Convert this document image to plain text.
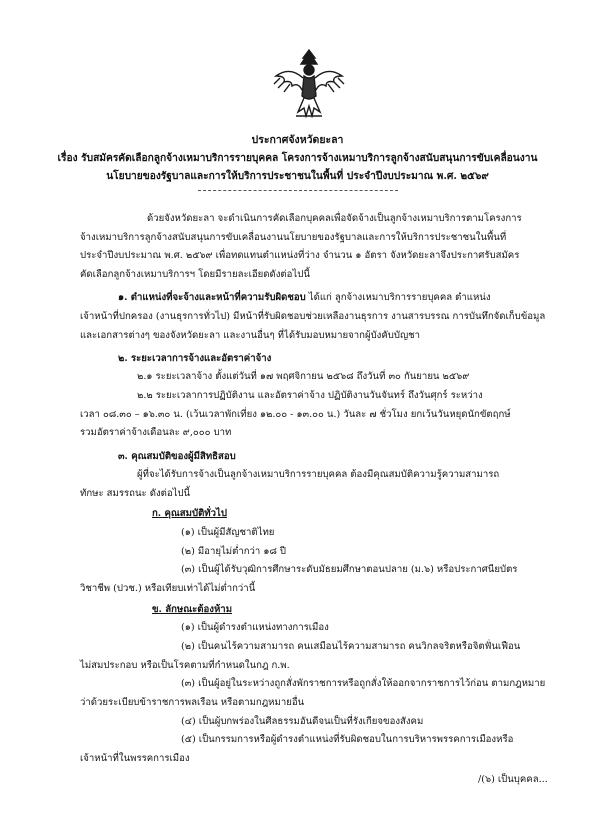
ประกาศจังหวัดยะลา
เรื่อง รับสมัครคัดเลือกลูกจ้างเหมาบริการรายบุคคล โครงการจ้างเหมาบริการลูกจ้างสนับสนุนการขับเคลื่อนงาน
นโยบายของรัฐบาลและการให้บริการประชาชนในพื้นที่ ประจำปีงบประมาณ พ.ศ. ๒๕๖๙
ด้วยจังหวัดยะลา จะดำเนินการคัดเลือกบุคคลเพื่อจัดจ้างเป็นลูกจ้างเหมาบริการตามโครงการ
จ้างเหมาบริการลูกจ้างสนับสนุนการขับเคลื่อนงานนโยบายของรัฐบาลและการให้บริการประชาชนในพื้นที่
ประจำปีงบประมาณ พ.ศ. ๒๕๖๙ เพื่อทดแทนตำแหน่งที่ว่าง จำนวน ๑ อัตรา จังหวัดยะลาจึงประกาศรับสมัคร
คัดเลือกลูกจ้างเหมาบริการฯ โดยมีรายละเอียดดังต่อไปนี้
๑. ตำแหน่งที่จะจ้างและหน้าที่ความรับผิดชอบ ได้แก่ ลูกจ้างเหมาบริการรายบุคคล ตำแหน่ง
เจ้าหน้าที่ปกครอง (งานธุรการทั่วไป) มีหน้าที่รับผิดชอบช่วยเหลืองานธุรการ งานสารบรรณ การบันทึกจัดเก็บข้อมูล
และเอกสารต่างๆ ของจังหวัดยะลา และงานอื่นๆ ที่ได้รับมอบหมายจากผู้บังคับบัญชา
๒. ระยะเวลาการจ้างและอัตราค่าจ้าง
๒.๑ ระยะเวลาจ้าง ตั้งแต่วันที่ ๑๗ พฤศจิกายน ๒๕๖๘ ถึงวันที่ ๓๐ กันยายน ๒๕๖๙
๒.๒ ระยะเวลาการปฏิบัติงาน และอัตราค่าจ้าง ปฏิบัติงานวันจันทร์ ถึงวันศุกร์ ระหว่าง
เวลา ๐๘.๓๐ – ๑๖.๓๐ น. (เว้นเวลาพักเที่ยง ๑๒.๐๐ - ๑๓.๐๐ น.) วันละ ๗ ชั่วโมง ยกเว้นวันหยุดนักขัตฤกษ์
รวมอัตราค่าจ้างเดือนละ ๙,๐๐๐ บาท
๓. คุณสมบัติของผู้มีสิทธิสอบ
ผู้ที่จะได้รับการจ้างเป็นลูกจ้างเหมาบริการรายบุคคล ต้องมีคุณสมบัติความรู้ความสามารถ
ทักษะ สมรรถนะ ดังต่อไปนี้
ก. คุณสมบัติทั่วไป
(๑) เป็นผู้มีสัญชาติไทย
(๒) มีอายุไม่ต่ำกว่า ๑๘ ปี
(๓) เป็นผู้ได้รับวุฒิการศึกษาระดับมัธยมศึกษาตอนปลาย (ม.๖) หรือประกาศนียบัตร
วิชาชีพ (ปวช.) หรือเทียบเท่าได้ไม่ต่ำกว่านี้
ข. ลักษณะต้องห้าม
(๑) เป็นผู้ดำรงตำแหน่งทางการเมือง
(๒) เป็นคนไร้ความสามารถ คนเสมือนไร้ความสามารถ คนวิกลจริตหรือจิตฟั่นเฟือน
ไม่สมประกอบ หรือเป็นโรคตามที่กำหนดในกฎ ก.พ.
(๓) เป็นผู้อยู่ในระหว่างถูกสั่งพักราชการหรือถูกสั่งให้ออกจากราชการไว้ก่อน ตามกฎหมาย
ว่าด้วยระเบียบข้าราชการพลเรือน หรือตามกฎหมายอื่น
(๔) เป็นผู้บกพร่องในศีลธรรมอันดีจนเป็นที่รังเกียจของสังคม
(๕) เป็นกรรมการหรือผู้ดำรงตำแหน่งที่รับผิดชอบในการบริหารพรรคการเมืองหรือ
เจ้าหน้าที่ในพรรคการเมือง
/(๖) เป็นบุคคล...
